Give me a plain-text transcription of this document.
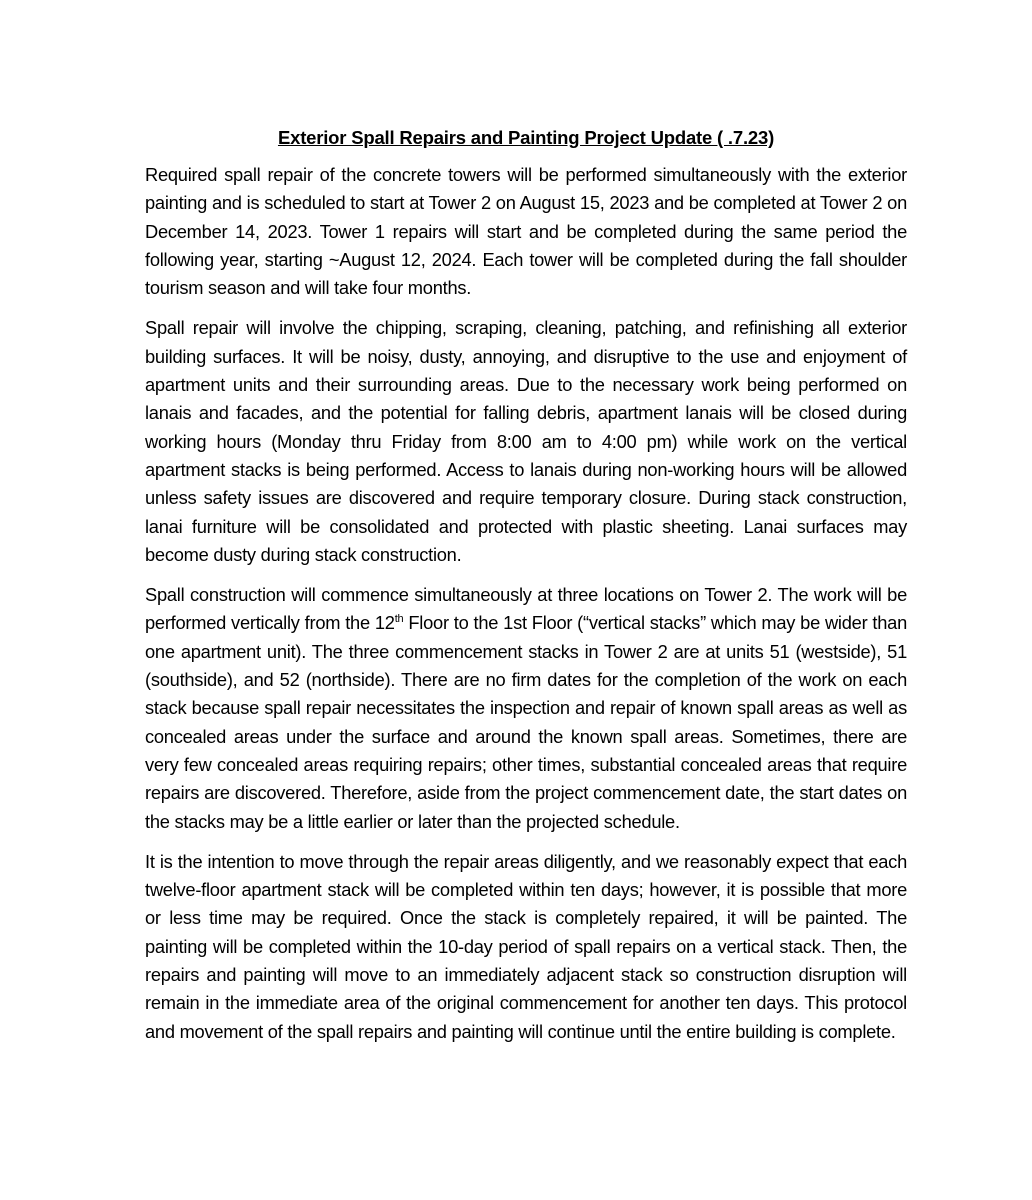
Exterior Spall Repairs and Painting Project Update ( .7.23)

Required spall repair of the concrete towers will be performed simultaneously with the exterior painting and is scheduled to start at Tower 2 on August 15, 2023 and be completed at Tower 2 on December 14, 2023. Tower 1 repairs will start and be completed during the same period the following year, starting ~August 12, 2024. Each tower will be completed during the fall shoulder tourism season and will take four months.

Spall repair will involve the chipping, scraping, cleaning, patching, and refinishing all exterior building surfaces. It will be noisy, dusty, annoying, and disruptive to the use and enjoyment of apartment units and their surrounding areas. Due to the necessary work being performed on lanais and facades, and the potential for falling debris, apartment lanais will be closed during working hours (Monday thru Friday from 8:00 am to 4:00 pm) while work on the vertical apartment stacks is being performed. Access to lanais during non-working hours will be allowed unless safety issues are discovered and require temporary closure. During stack construction, lanai furniture will be consolidated and protected with plastic sheeting. Lanai surfaces may become dusty during stack construction.

Spall construction will commence simultaneously at three locations on Tower 2. The work will be performed vertically from the 12th Floor to the 1st Floor (“vertical stacks” which may be wider than one apartment unit). The three commencement stacks in Tower 2 are at units 51 (westside), 51 (southside), and 52 (northside). There are no firm dates for the completion of the work on each stack because spall repair necessitates the inspection and repair of known spall areas as well as concealed areas under the surface and around the known spall areas. Sometimes, there are very few concealed areas requiring repairs; other times, substantial concealed areas that require repairs are discovered. Therefore, aside from the project commencement date, the start dates on the stacks may be a little earlier or later than the projected schedule.

It is the intention to move through the repair areas diligently, and we reasonably expect that each twelve-floor apartment stack will be completed within ten days; however, it is possible that more or less time may be required. Once the stack is completely repaired, it will be painted. The painting will be completed within the 10-day period of spall repairs on a vertical stack. Then, the repairs and painting will move to an immediately adjacent stack so construction disruption will remain in the immediate area of the original commencement for another ten days. This protocol and movement of the spall repairs and painting will continue until the entire building is complete.
